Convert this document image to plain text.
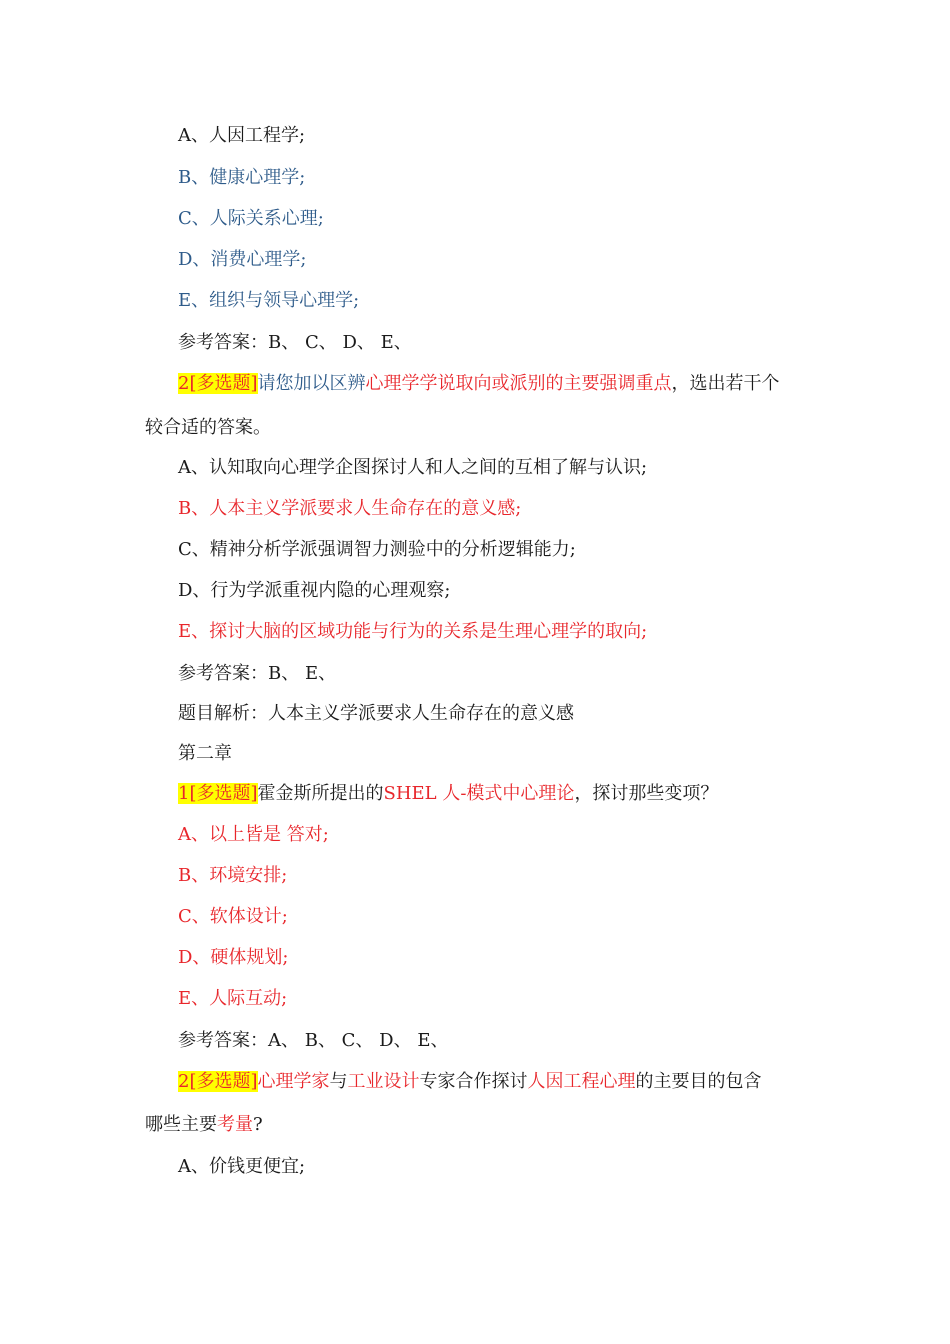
A、人因工程学;
B、健康心理学;
C、人际关系心理;
D、消费心理学;
E、组织与领导心理学;
参考答案：B、 C、 D、 E、
2[多选题]请您加以区辨心理学学说取向或派别的主要强调重点，选出若干个
较合适的答案。
A、认知取向心理学企图探讨人和人之间的互相了解与认识;
B、人本主义学派要求人生命存在的意义感;
C、精神分析学派强调智力测验中的分析逻辑能力;
D、行为学派重视内隐的心理观察;
E、探讨大脑的区域功能与行为的关系是生理心理学的取向;
参考答案：B、 E、
题目解析：人本主义学派要求人生命存在的意义感
第二章
1[多选题]霍金斯所提出的SHEL 人-模式中心理论，探讨那些变项？
A、以上皆是 答对;
B、环境安排;
C、软体设计;
D、硬体规划;
E、人际互动;
参考答案：A、 B、 C、 D、 E、
2[多选题]心理学家与工业设计专家合作探讨人因工程心理的主要目的包含
哪些主要考量?
A、价钱更便宜;
